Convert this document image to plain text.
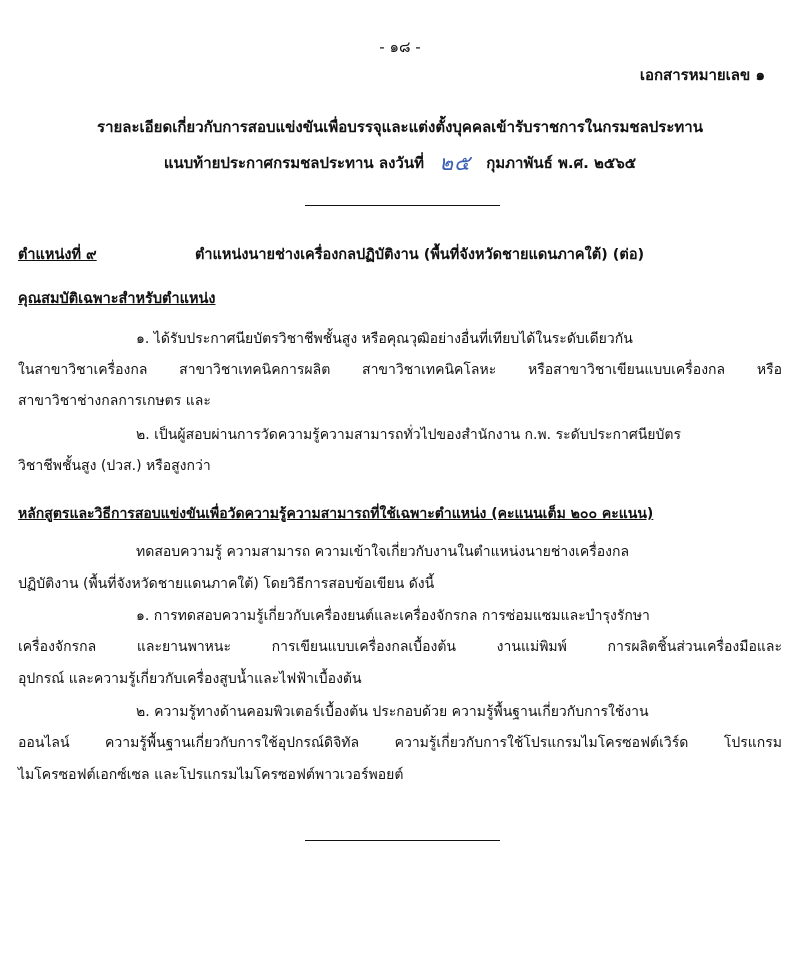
- ๑๘ -
เอกสารหมายเลข ๑
รายละเอียดเกี่ยวกับการสอบแข่งขันเพื่อบรรจุและแต่งตั้งบุคคลเข้ารับราชการในกรมชลประทาน
แนบท้ายประกาศกรมชลประทาน ลงวันที่ ๒๕ กุมภาพันธ์ พ.ศ. ๒๕๖๕
ตำแหน่งที่ ๙	ตำแหน่งนายช่างเครื่องกลปฏิบัติงาน (พื้นที่จังหวัดชายแดนภาคใต้) (ต่อ)
คุณสมบัติเฉพาะสำหรับตำแหน่ง
๑. ได้รับประกาศนียบัตรวิชาชีพชั้นสูง หรือคุณวุฒิอย่างอื่นที่เทียบได้ในระดับเดียวกัน
ในสาขาวิชาเครื่องกล สาขาวิชาเทคนิคการผลิต สาขาวิชาเทคนิคโลหะ หรือสาขาวิชาเขียนแบบเครื่องกล หรือ
สาขาวิชาช่างกลการเกษตร และ
๒. เป็นผู้สอบผ่านการวัดความรู้ความสามารถทั่วไปของสำนักงาน ก.พ. ระดับประกาศนียบัตร
วิชาชีพชั้นสูง (ปวส.) หรือสูงกว่า
หลักสูตรและวิธีการสอบแข่งขันเพื่อวัดความรู้ความสามารถที่ใช้เฉพาะตำแหน่ง (คะแนนเต็ม ๒๐๐ คะแนน)
ทดสอบความรู้ ความสามารถ ความเข้าใจเกี่ยวกับงานในตำแหน่งนายช่างเครื่องกล
ปฏิบัติงาน (พื้นที่จังหวัดชายแดนภาคใต้) โดยวิธีการสอบข้อเขียน ดังนี้
๑. การทดสอบความรู้เกี่ยวกับเครื่องยนต์และเครื่องจักรกล การซ่อมแซมและบำรุงรักษา
เครื่องจักรกล และยานพาหนะ การเขียนแบบเครื่องกลเบื้องต้น งานแม่พิมพ์ การผลิตชิ้นส่วนเครื่องมือและ
อุปกรณ์ และความรู้เกี่ยวกับเครื่องสูบน้ำและไฟฟ้าเบื้องต้น
๒. ความรู้ทางด้านคอมพิวเตอร์เบื้องต้น ประกอบด้วย ความรู้พื้นฐานเกี่ยวกับการใช้งาน
ออนไลน์ ความรู้พื้นฐานเกี่ยวกับการใช้อุปกรณ์ดิจิทัล ความรู้เกี่ยวกับการใช้โปรแกรมไมโครซอฟต์เวิร์ด โปรแกรม
ไมโครซอฟต์เอกซ์เซล และโปรแกรมไมโครซอฟต์พาวเวอร์พอยต์
